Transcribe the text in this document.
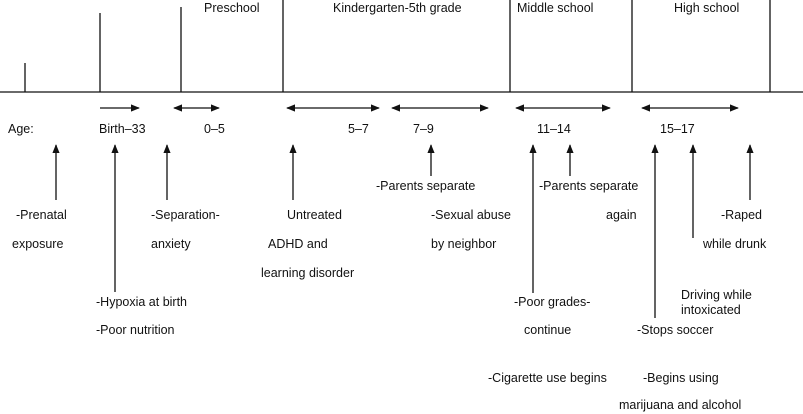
Preschool	Kindergarten-5th grade	Middle school	High school
Age:	Birth–33	0–5	5–7	7–9	11–14	15–17
-Prenatal
exposure
-Hypoxia at birth
-Poor nutrition
-Separation-
anxiety
Untreated
ADHD and
learning disorder
-Parents separate
-Sexual abuse
by neighbor
-Parents separate
again
-Poor grades-
continue
-Cigarette use begins
-Stops soccer
Driving while
intoxicated
-Raped
while drunk
-Begins using
marijuana and alcohol
